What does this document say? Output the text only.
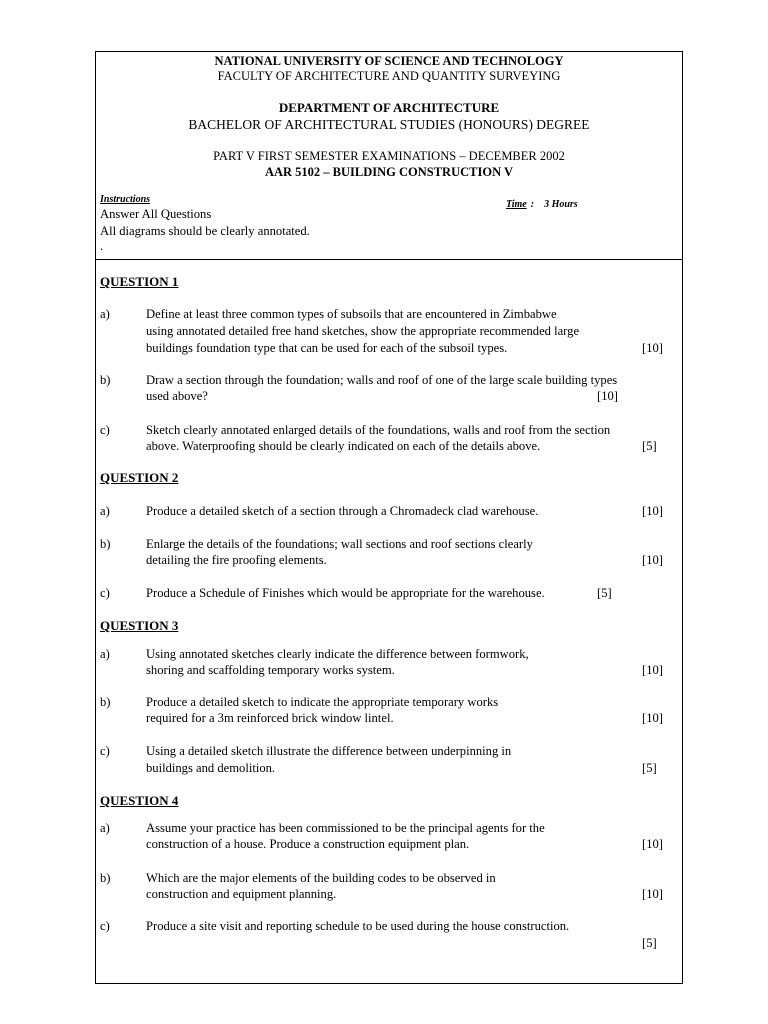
NATIONAL UNIVERSITY OF SCIENCE AND TECHNOLOGY
FACULTY OF ARCHITECTURE AND QUANTITY SURVEYING
DEPARTMENT OF ARCHITECTURE
BACHELOR OF ARCHITECTURAL STUDIES (HONOURS) DEGREE
PART V FIRST SEMESTER EXAMINATIONS – DECEMBER 2002
AAR 5102 – BUILDING CONSTRUCTION V
Instructions	Time : 3 Hours
Answer All Questions
All diagrams should be clearly annotated.
.
QUESTION 1
a)	Define at least three common types of subsoils that are encountered in Zimbabwe
using annotated detailed free hand sketches, show the appropriate recommended large
buildings foundation type that can be used for each of the subsoil types.	[10]
b)	Draw a section through the foundation; walls and roof of one of the large scale building types
used above?	[10]
c)	Sketch clearly annotated enlarged details of the foundations, walls and roof from the section
above. Waterproofing should be clearly indicated on each of the details above.	[5]
QUESTION 2
a)	Produce a detailed sketch of a section through a Chromadeck clad warehouse.	[10]
b)	Enlarge the details of the foundations; wall sections and roof sections clearly
detailing the fire proofing elements.	[10]
c)	Produce a Schedule of Finishes which would be appropriate for the warehouse.	[5]
QUESTION 3
a)	Using annotated sketches clearly indicate the difference between formwork,
shoring and scaffolding temporary works system.	[10]
b)	Produce a detailed sketch to indicate the appropriate temporary works
required for a 3m reinforced brick window lintel.	[10]
c)	Using a detailed sketch illustrate the difference between underpinning in
buildings and demolition.	[5]
QUESTION 4
a)	Assume your practice has been commissioned to be the principal agents for the
construction of a house. Produce a construction equipment plan.	[10]
b)	Which are the major elements of the building codes to be observed in
construction and equipment planning.	[10]
c)	Produce a site visit and reporting schedule to be used during the house construction.
[5]
